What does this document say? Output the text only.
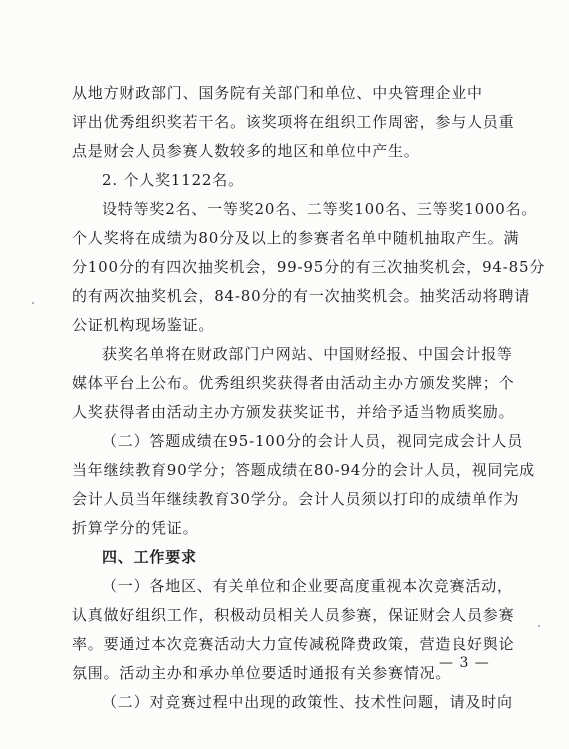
从地方财政部门、国务院有关部门和单位、中央管理企业中
评出优秀组织奖若干名。该奖项将在组织工作周密，参与人员重
点是财会人员参赛人数较多的地区和单位中产生。
2. 个人奖1122名。
设特等奖2名、一等奖20名、二等奖100名、三等奖1000名。
个人奖将在成绩为80分及以上的参赛者名单中随机抽取产生。满
分100分的有四次抽奖机会，99-95分的有三次抽奖机会，94-85分
的有两次抽奖机会，84-80分的有一次抽奖机会。抽奖活动将聘请
公证机构现场鉴证。
获奖名单将在财政部门户网站、中国财经报、中国会计报等
媒体平台上公布。优秀组织奖获得者由活动主办方颁发奖牌；个
人奖获得者由活动主办方颁发获奖证书，并给予适当物质奖励。
（二）答题成绩在95-100分的会计人员，视同完成会计人员
当年继续教育90学分；答题成绩在80-94分的会计人员，视同完成
会计人员当年继续教育30学分。会计人员须以打印的成绩单作为
折算学分的凭证。
四、工作要求
（一）各地区、有关单位和企业要高度重视本次竞赛活动，
认真做好组织工作，积极动员相关人员参赛，保证财会人员参赛
率。要通过本次竞赛活动大力宣传减税降费政策，营造良好舆论
氛围。活动主办和承办单位要适时通报有关参赛情况。
（二）对竞赛过程中出现的政策性、技术性问题，请及时向
— 3 —
